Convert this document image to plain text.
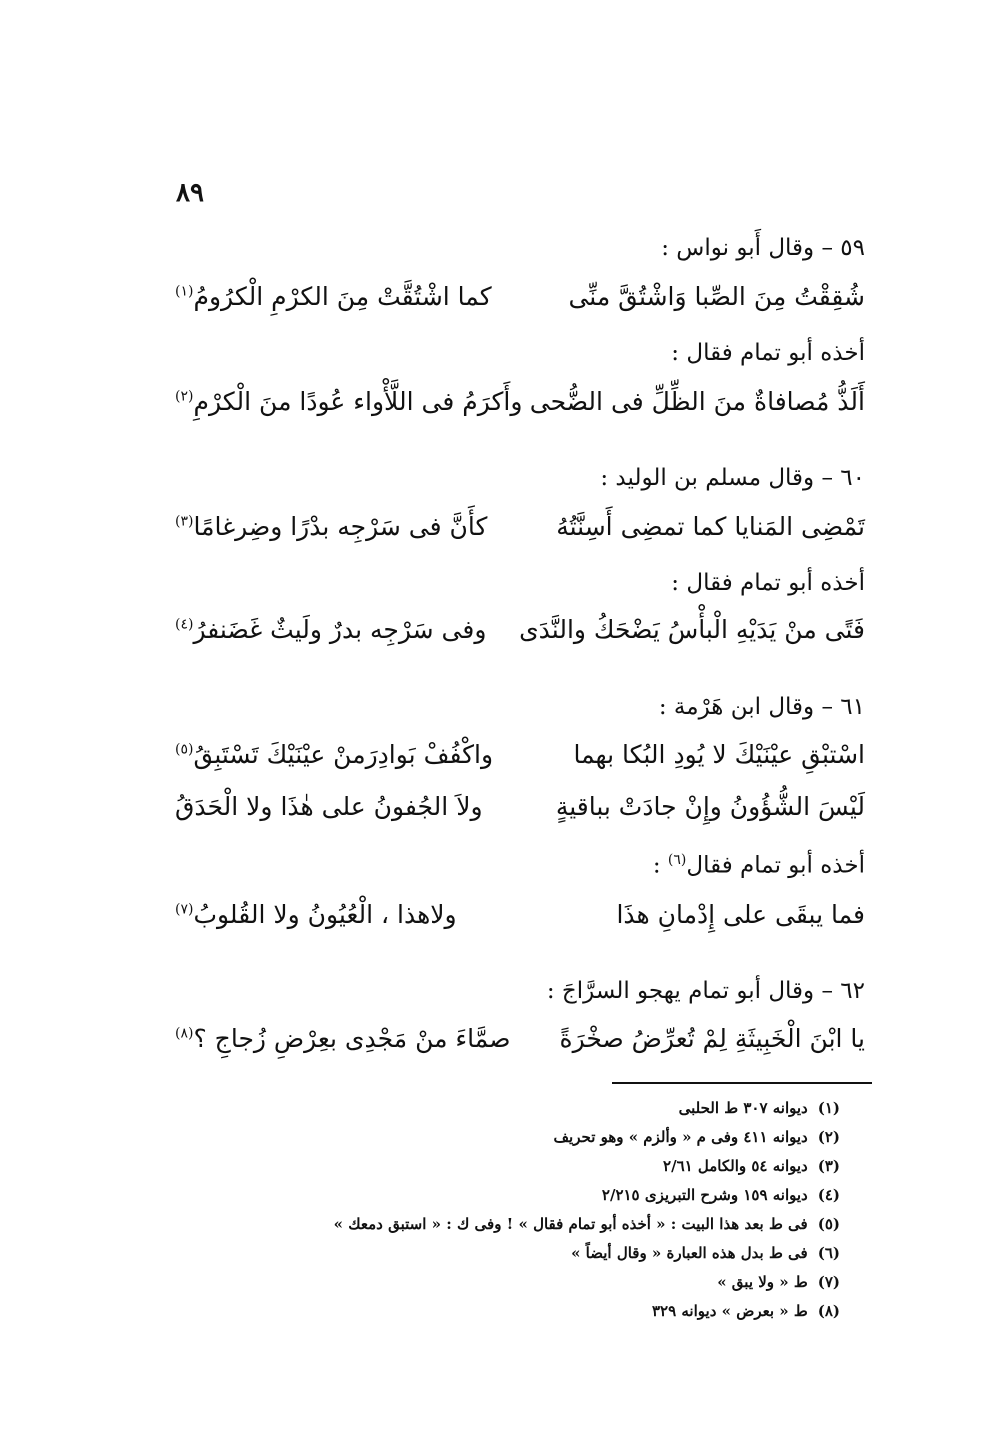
٨٩
٥٩ – وقال أَبو نواس :
شُقِقْتُ مِنَ الصِّبا وَاشْتُقَّ منِّى
كما اشْتُقَّتْ مِنَ الكرْمِ الْكرُومُ$^{(١)}$
أخذه أبو تمام فقال :
أَلَذُّ مُصافاةٌ منَ الظِّلِّ فى الضُّحى
وأَكرَمُ فى اللَّأْواء عُودًا منَ الْكرْمِ$^{(٢)}$
٦٠ – وقال مسلم بن الوليد :
تَمْضِى المَنايا كما تمضِى أَسِنَّتُهُ
كأَنَّ فى سَرْجِه بدْرًا وضِرغامًا$^{(٣)}$
أخذه أبو تمام فقال :
فَتًى منْ يَدَيْهِ الْبأْسُ يَضْحَكُ والنَّدَى
وفى سَرْجِه بدرٌ ولَيثٌ غَضَنفرُ$^{(٤)}$
٦١ – وقال ابن هَرْمة :
اسْتبْقِ عيْنَيْكَ لا يُودِ البُكا بهما
واكْفُفْ بَوادِرَمنْ عيْنَيْكَ تَسْتَبِقُ$^{(٥)}$
لَيْسَ الشُّؤُونُ وإِنْ جادَتْ بباقيةٍ
ولاَ الجُفونُ على هٰذَا ولا الْحَدَقُ
أخذه أبو تمام فقال$^{(٦)}$ :
فما يبقَى على إِدْمانِ هذَا
ولاهذا ، الْعُيُونُ ولا القُلوبُ$^{(٧)}$
٦٢ – وقال أبو تمام يهجو السرَّاجَ :
يا ابْنَ الْخَبِيثَةِ لِمْ تُعرِّضُ صخْرَةً
صمَّاءَ منْ مَجْدِى بعِرْضِ زُجاجِ ؟$^{(٨)}$
(١)ديوانه ٣٠٧ ط الحلبى
(٢)ديوانه ٤١١ وفى م « وألزم » وهو تحريف
(٣)ديوانه ٥٤ والكامل ٢/٦١
(٤)ديوانه ١٥٩ وشرح التبريزى ٢/٢١٥
(٥)فى ط بعد هذا البيت : « أخذه أبو تمام فقال » ! وفى ك : « استبق دمعك »
(٦)فى ط بدل هذه العبارة « وقال أيضاً »
(٧)ط « ولا يبق »
(٨)ط « بعرض » ديوانه ٣٢٩
